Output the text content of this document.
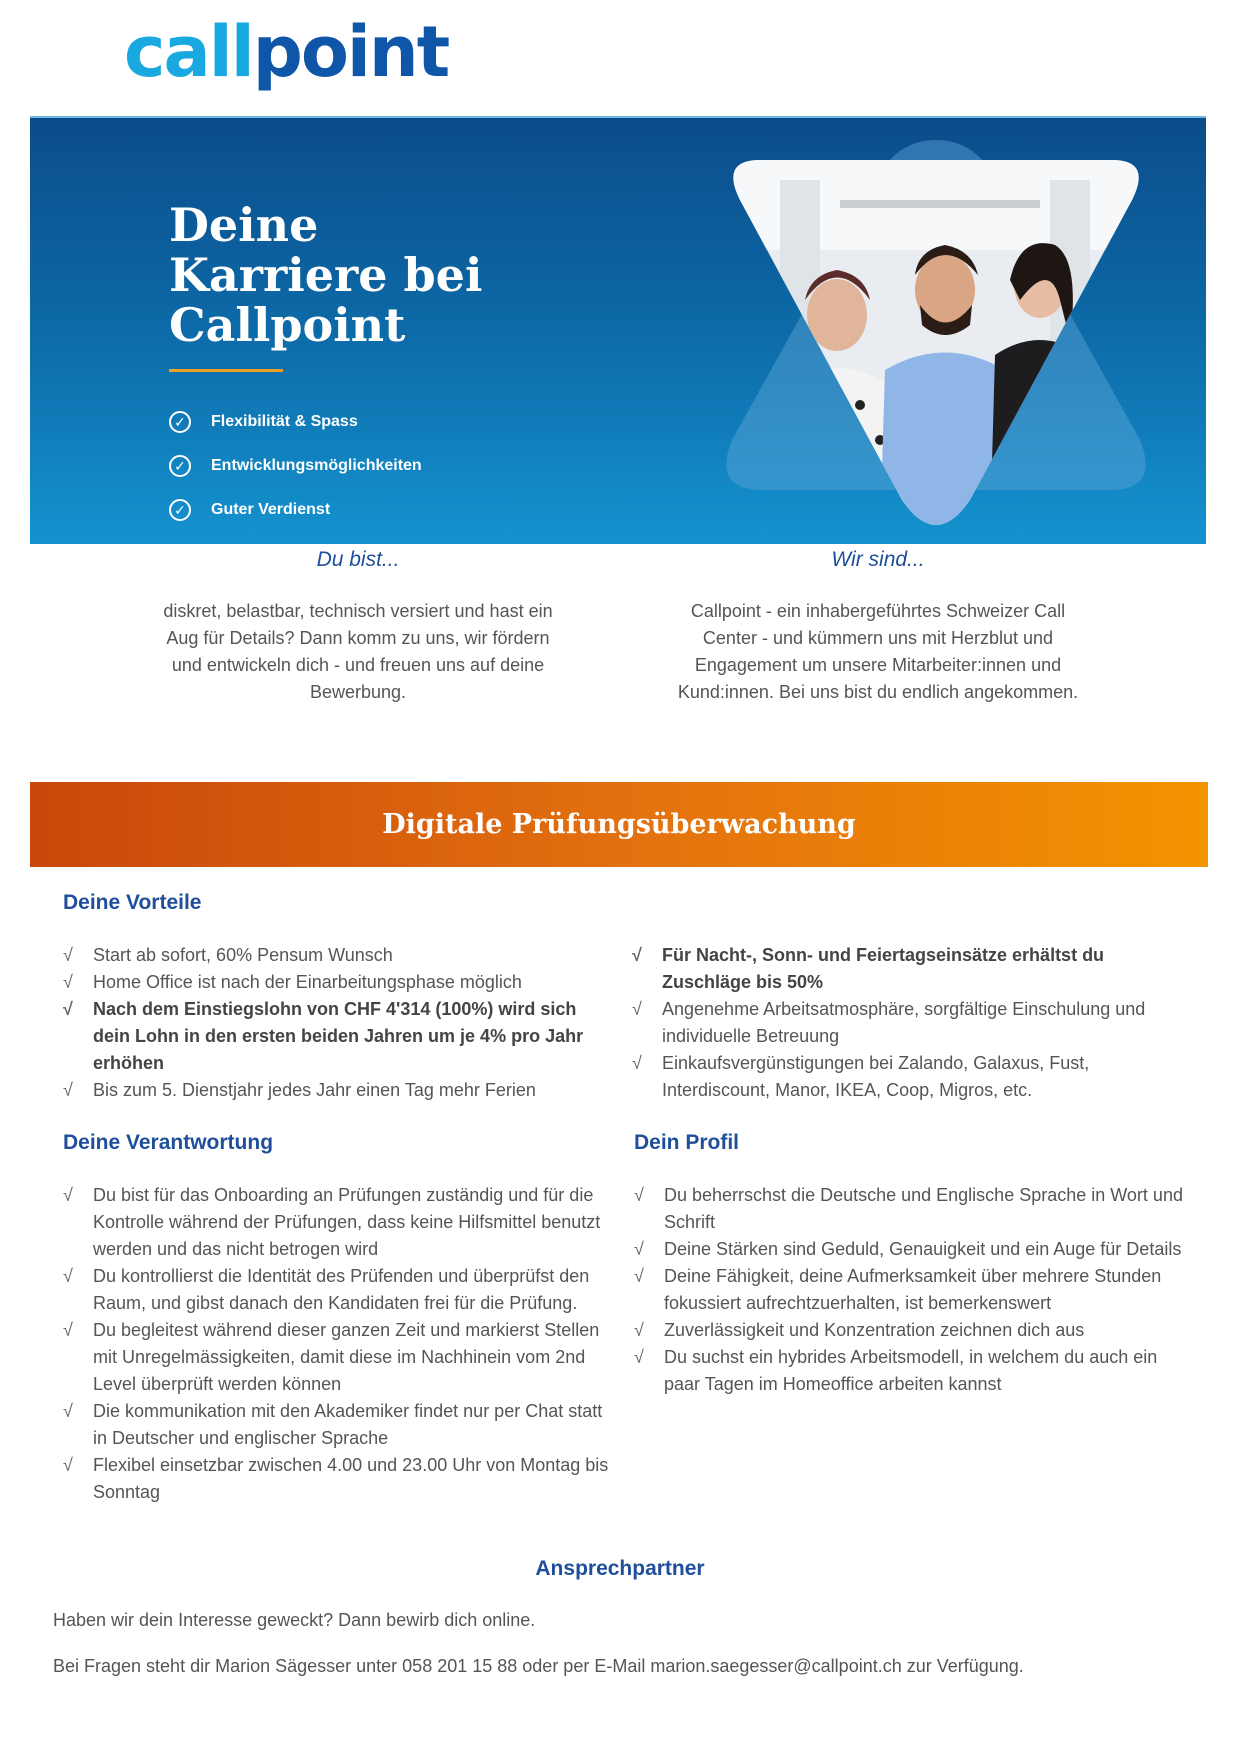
callpoint
Deine Karriere bei Callpoint
✓	Flexibilität & Spass
✓	Entwicklungsmöglichkeiten
✓	Guter Verdienst
Du bist...
diskret, belastbar, technisch versiert und hast ein Aug für Details? Dann komm zu uns, wir fördern und entwickeln dich - und freuen uns auf deine Bewerbung.
Wir sind...
Callpoint - ein inhabergeführtes Schweizer Call Center - und kümmern uns mit Herzblut und Engagement um unsere Mitarbeiter:innen und Kund:innen. Bei uns bist du endlich angekommen.
Digitale Prüfungsüberwachung
Deine Vorteile
√ Start ab sofort, 60% Pensum Wunsch
√ Home Office ist nach der Einarbeitungsphase möglich
√ Nach dem Einstiegslohn von CHF 4'314 (100%) wird sich dein Lohn in den ersten beiden Jahren um je 4% pro Jahr erhöhen
√ Bis zum 5. Dienstjahr jedes Jahr einen Tag mehr Ferien
√ Für Nacht-, Sonn- und Feiertagseinsätze erhältst du Zuschläge bis 50%
√ Angenehme Arbeitsatmosphäre, sorgfältige Einschulung und individuelle Betreuung
√ Einkaufsvergünstigungen bei Zalando, Galaxus, Fust, Interdiscount, Manor, IKEA, Coop, Migros, etc.
Deine Verantwortung
√ Du bist für das Onboarding an Prüfungen zuständig und für die Kontrolle während der Prüfungen, dass keine Hilfsmittel benutzt werden und das nicht betrogen wird
√ Du kontrollierst die Identität des Prüfenden und überprüfst den Raum, und gibst danach den Kandidaten frei für die Prüfung.
√ Du begleitest während dieser ganzen Zeit und markierst Stellen mit Unregelmässigkeiten, damit diese im Nachhinein vom 2nd Level überprüft werden können
√ Die kommunikation mit den Akademiker findet nur per Chat statt in Deutscher und englischer Sprache
√ Flexibel einsetzbar zwischen 4.00 und 23.00 Uhr von Montag bis Sonntag
Dein Profil
√ Du beherrschst die Deutsche und Englische Sprache in Wort und Schrift
√ Deine Stärken sind Geduld, Genauigkeit und ein Auge für Details
√ Deine Fähigkeit, deine Aufmerksamkeit über mehrere Stunden fokussiert aufrechtzuerhalten, ist bemerkenswert
√ Zuverlässigkeit und Konzentration zeichnen dich aus
√ Du suchst ein hybrides Arbeitsmodell, in welchem du auch ein paar Tagen im Homeoffice arbeiten kannst
Ansprechpartner
Haben wir dein Interesse geweckt? Dann bewirb dich online.
Bei Fragen steht dir Marion Sägesser unter 058 201 15 88 oder per E-Mail marion.saegesser@callpoint.ch zur Verfügung.
